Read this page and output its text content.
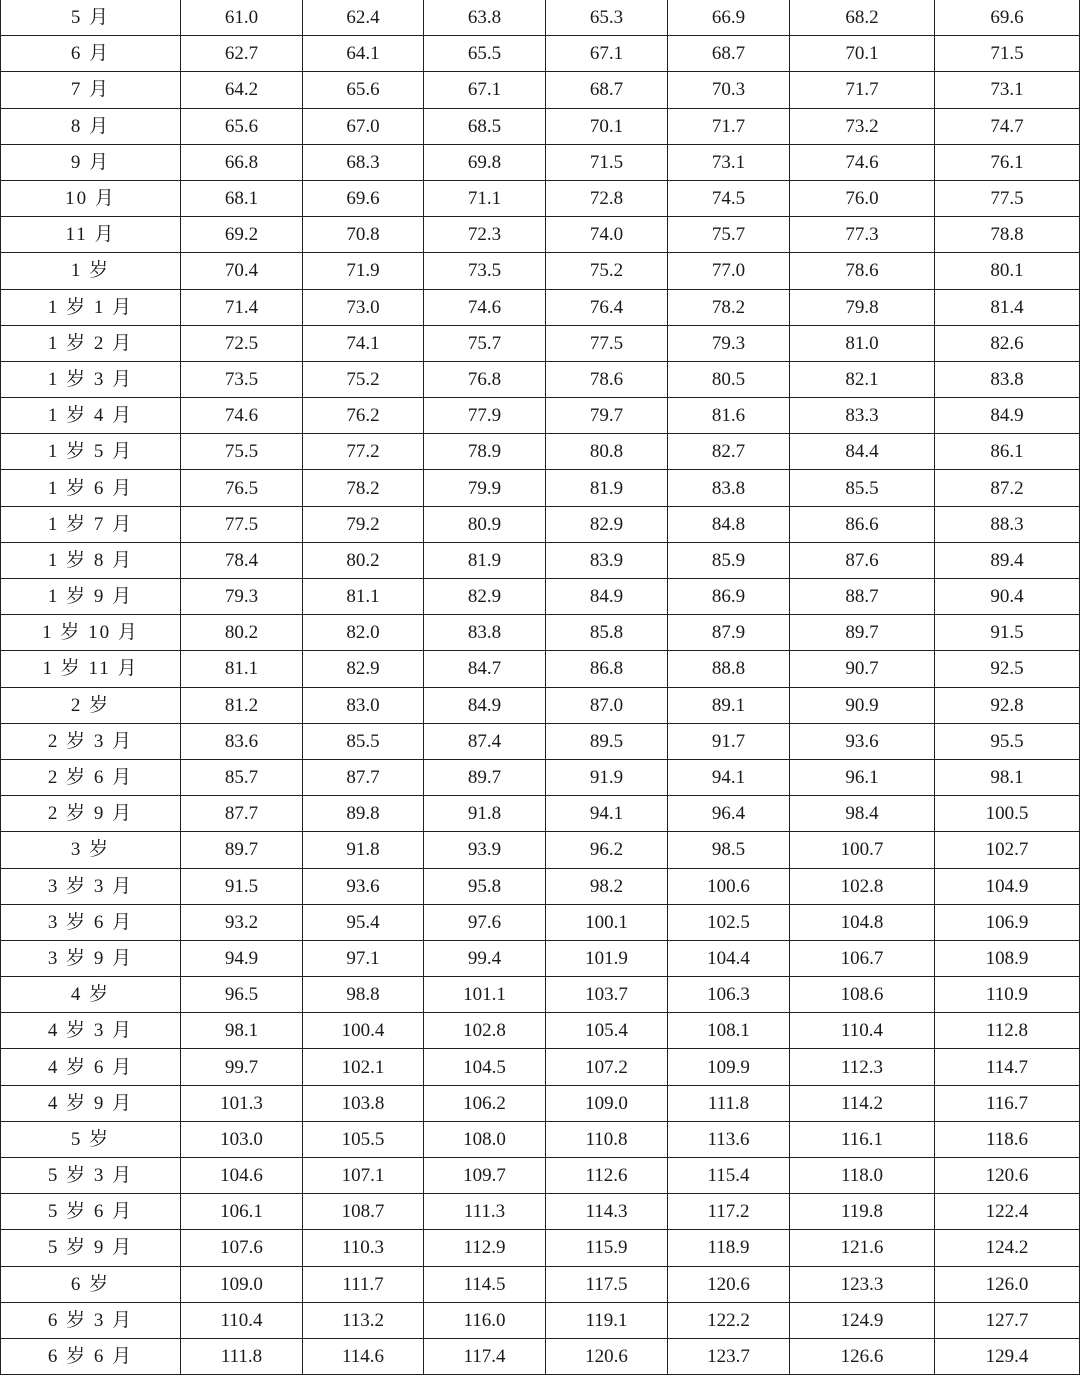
5 月	61.0	62.4	63.8	65.3	66.9	68.2	69.6
6 月	62.7	64.1	65.5	67.1	68.7	70.1	71.5
7 月	64.2	65.6	67.1	68.7	70.3	71.7	73.1
8 月	65.6	67.0	68.5	70.1	71.7	73.2	74.7
9 月	66.8	68.3	69.8	71.5	73.1	74.6	76.1
10 月	68.1	69.6	71.1	72.8	74.5	76.0	77.5
11 月	69.2	70.8	72.3	74.0	75.7	77.3	78.8
1 岁	70.4	71.9	73.5	75.2	77.0	78.6	80.1
1 岁 1 月	71.4	73.0	74.6	76.4	78.2	79.8	81.4
1 岁 2 月	72.5	74.1	75.7	77.5	79.3	81.0	82.6
1 岁 3 月	73.5	75.2	76.8	78.6	80.5	82.1	83.8
1 岁 4 月	74.6	76.2	77.9	79.7	81.6	83.3	84.9
1 岁 5 月	75.5	77.2	78.9	80.8	82.7	84.4	86.1
1 岁 6 月	76.5	78.2	79.9	81.9	83.8	85.5	87.2
1 岁 7 月	77.5	79.2	80.9	82.9	84.8	86.6	88.3
1 岁 8 月	78.4	80.2	81.9	83.9	85.9	87.6	89.4
1 岁 9 月	79.3	81.1	82.9	84.9	86.9	88.7	90.4
1 岁 10 月	80.2	82.0	83.8	85.8	87.9	89.7	91.5
1 岁 11 月	81.1	82.9	84.7	86.8	88.8	90.7	92.5
2 岁	81.2	83.0	84.9	87.0	89.1	90.9	92.8
2 岁 3 月	83.6	85.5	87.4	89.5	91.7	93.6	95.5
2 岁 6 月	85.7	87.7	89.7	91.9	94.1	96.1	98.1
2 岁 9 月	87.7	89.8	91.8	94.1	96.4	98.4	100.5
3 岁	89.7	91.8	93.9	96.2	98.5	100.7	102.7
3 岁 3 月	91.5	93.6	95.8	98.2	100.6	102.8	104.9
3 岁 6 月	93.2	95.4	97.6	100.1	102.5	104.8	106.9
3 岁 9 月	94.9	97.1	99.4	101.9	104.4	106.7	108.9
4 岁	96.5	98.8	101.1	103.7	106.3	108.6	110.9
4 岁 3 月	98.1	100.4	102.8	105.4	108.1	110.4	112.8
4 岁 6 月	99.7	102.1	104.5	107.2	109.9	112.3	114.7
4 岁 9 月	101.3	103.8	106.2	109.0	111.8	114.2	116.7
5 岁	103.0	105.5	108.0	110.8	113.6	116.1	118.6
5 岁 3 月	104.6	107.1	109.7	112.6	115.4	118.0	120.6
5 岁 6 月	106.1	108.7	111.3	114.3	117.2	119.8	122.4
5 岁 9 月	107.6	110.3	112.9	115.9	118.9	121.6	124.2
6 岁	109.0	111.7	114.5	117.5	120.6	123.3	126.0
6 岁 3 月	110.4	113.2	116.0	119.1	122.2	124.9	127.7
6 岁 6 月	111.8	114.6	117.4	120.6	123.7	126.6	129.4
